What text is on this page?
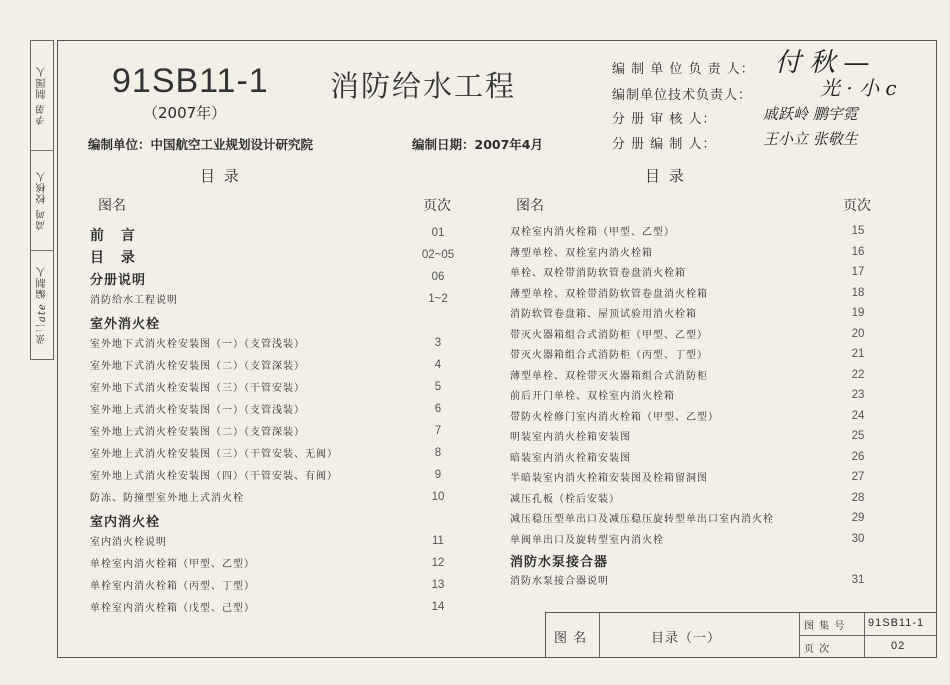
李第 制图人
高鸣 校核人
张二ate 编制人
91SB11-1 消防给水工程
（2007年）
编制单位：中国航空工业规划设计研究院	编制日期：2007年4月
编 制 单 位 负 责 人： 付 秋 —
编制单位技术负责人：	光 · 小 c
分 册 审 核 人：	戚跃岭 鹏宇霓
分 册 编 制 人：	王小立 张敬生
目 录
图名	页次
前 言	01
目 录	02~05
分册说明	06
消防给水工程说明	1~2
室外消火栓
室外地下式消火栓安装图（一）（支管浅装）	3
室外地下式消火栓安装图（二）（支管深装）	4
室外地下式消火栓安装图（三）（干管安装）	5
室外地上式消火栓安装图（一）（支管浅装）	6
室外地上式消火栓安装图（二）（支管深装）	7
室外地上式消火栓安装图（三）（干管安装、无阀）	8
室外地上式消火栓安装图（四）（干管安装、有阀）	9
防冻、防撞型室外地上式消火栓	10
室内消火栓
室内消火栓说明	11
单栓室内消火栓箱（甲型、乙型）	12
单栓室内消火栓箱（丙型、丁型）	13
单栓室内消火栓箱（戊型、己型）	14
目 录
图名	页次
双栓室内消火栓箱（甲型、乙型）	15
薄型单栓、双栓室内消火栓箱	16
单栓、双栓带消防软管卷盘消火栓箱	17
薄型单栓、双栓带消防软管卷盘消火栓箱	18
消防软管卷盘箱、屋顶试验用消火栓箱	19
带灭火器箱组合式消防柜（甲型、乙型）	20
带灭火器箱组合式消防柜（丙型、丁型）	21
薄型单栓、双栓带灭火器箱组合式消防柜	22
前后开门单栓、双栓室内消火栓箱	23
带防火栓修门室内消火栓箱（甲型、乙型）	24
明装室内消火栓箱安装图	25
暗装室内消火栓箱安装图	26
半暗装室内消火栓箱安装图及栓箱留洞图	27
减压孔板（栓后安装）	28
减压稳压型单出口及减压稳压旋转型单出口室内消火栓	29
单阀单出口及旋转型室内消火栓	30
消防水泵接合器
消防水泵接合器说明	31
图 名	目录（一）
图 集 号 91SB11-1
页 次	02
